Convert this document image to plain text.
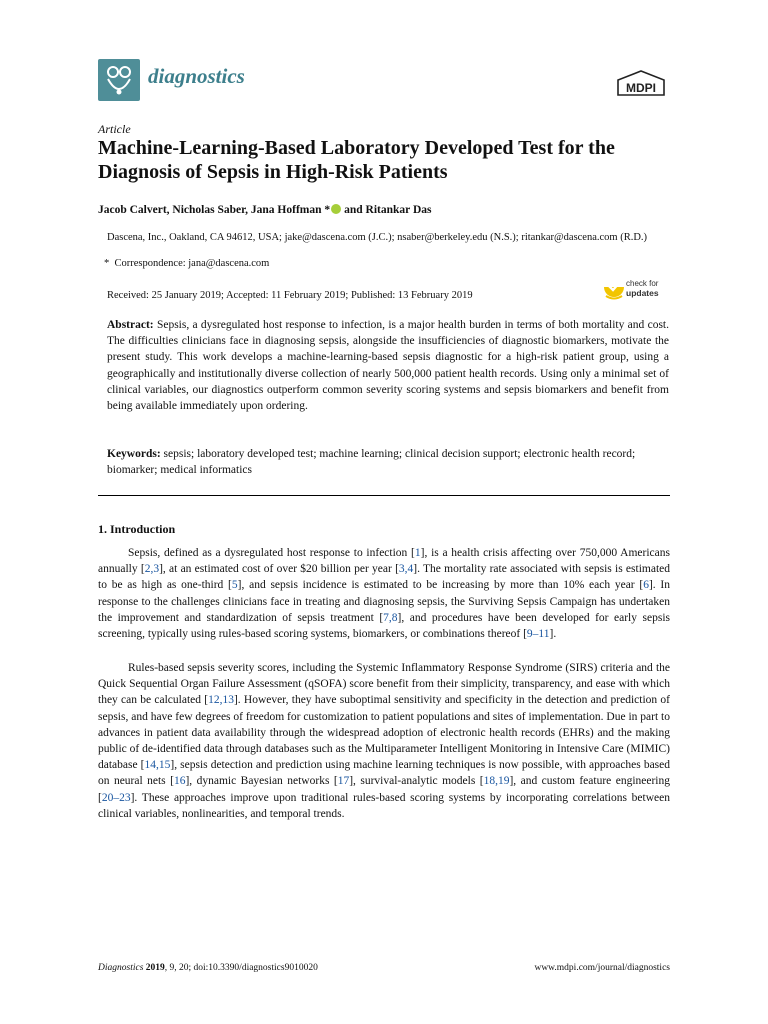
diagnostics	MDPI
Article
Machine-Learning-Based Laboratory Developed Test for the Diagnosis of Sepsis in High-Risk Patients
Jacob Calvert, Nicholas Saber, Jana Hoffman * and Ritankar Das
Dascena, Inc., Oakland, CA 94612, USA; jake@dascena.com (J.C.); nsaber@berkeley.edu (N.S.); ritankar@dascena.com (R.D.)
* Correspondence: jana@dascena.com
Received: 25 January 2019; Accepted: 11 February 2019; Published: 13 February 2019
check for
updates

Abstract: Sepsis, a dysregulated host response to infection, is a major health burden in terms of both mortality and cost. The difficulties clinicians face in diagnosing sepsis, alongside the insufficiencies of diagnostic biomarkers, motivate the present study. This work develops a machine-learning-based sepsis diagnostic for a high-risk patient group, using a geographically and institutionally diverse collection of nearly 500,000 patient health records. Using only a minimal set of clinical variables, our diagnostics outperform common severity scoring systems and sepsis biomarkers and benefit from being available immediately upon ordering.

Keywords: sepsis; laboratory developed test; machine learning; clinical decision support; electronic health record; biomarker; medical informatics

1. Introduction

Sepsis, defined as a dysregulated host response to infection [1], is a health crisis affecting over 750,000 Americans annually [2,3], at an estimated cost of over $20 billion per year [3,4]. The mortality rate associated with sepsis is estimated to be as high as one-third [5], and sepsis incidence is estimated to be increasing by more than 10% each year [6]. In response to the challenges clinicians face in treating and diagnosing sepsis, the Surviving Sepsis Campaign has undertaken the improvement and standardization of sepsis treatment [7,8], and procedures have been developed for early sepsis screening, typically using rules-based scoring systems, biomarkers, or combinations thereof [9–11].

Rules-based sepsis severity scores, including the Systemic Inflammatory Response Syndrome (SIRS) criteria and the Quick Sequential Organ Failure Assessment (qSOFA) score benefit from their simplicity, transparency, and ease with which they can be calculated [12,13]. However, they have suboptimal sensitivity and specificity in the detection and prediction of sepsis, and have few degrees of freedom for customization to patient populations and sites of implementation. Due in part to advances in patient data availability through the widespread adoption of electronic health records (EHRs) and the making public of de-identified data through databases such as the Multiparameter Intelligent Monitoring in Intensive Care (MIMIC) database [14,15], sepsis detection and prediction using machine learning techniques is now possible, with approaches based on neural nets [16], dynamic Bayesian networks [17], survival-analytic models [18,19], and custom feature engineering [20–23]. These approaches improve upon traditional rules-based scoring systems by incorporating correlations between clinical variables, nonlinearities, and temporal trends.

Diagnostics 2019, 9, 20; doi:10.3390/diagnostics9010020	www.mdpi.com/journal/diagnostics
